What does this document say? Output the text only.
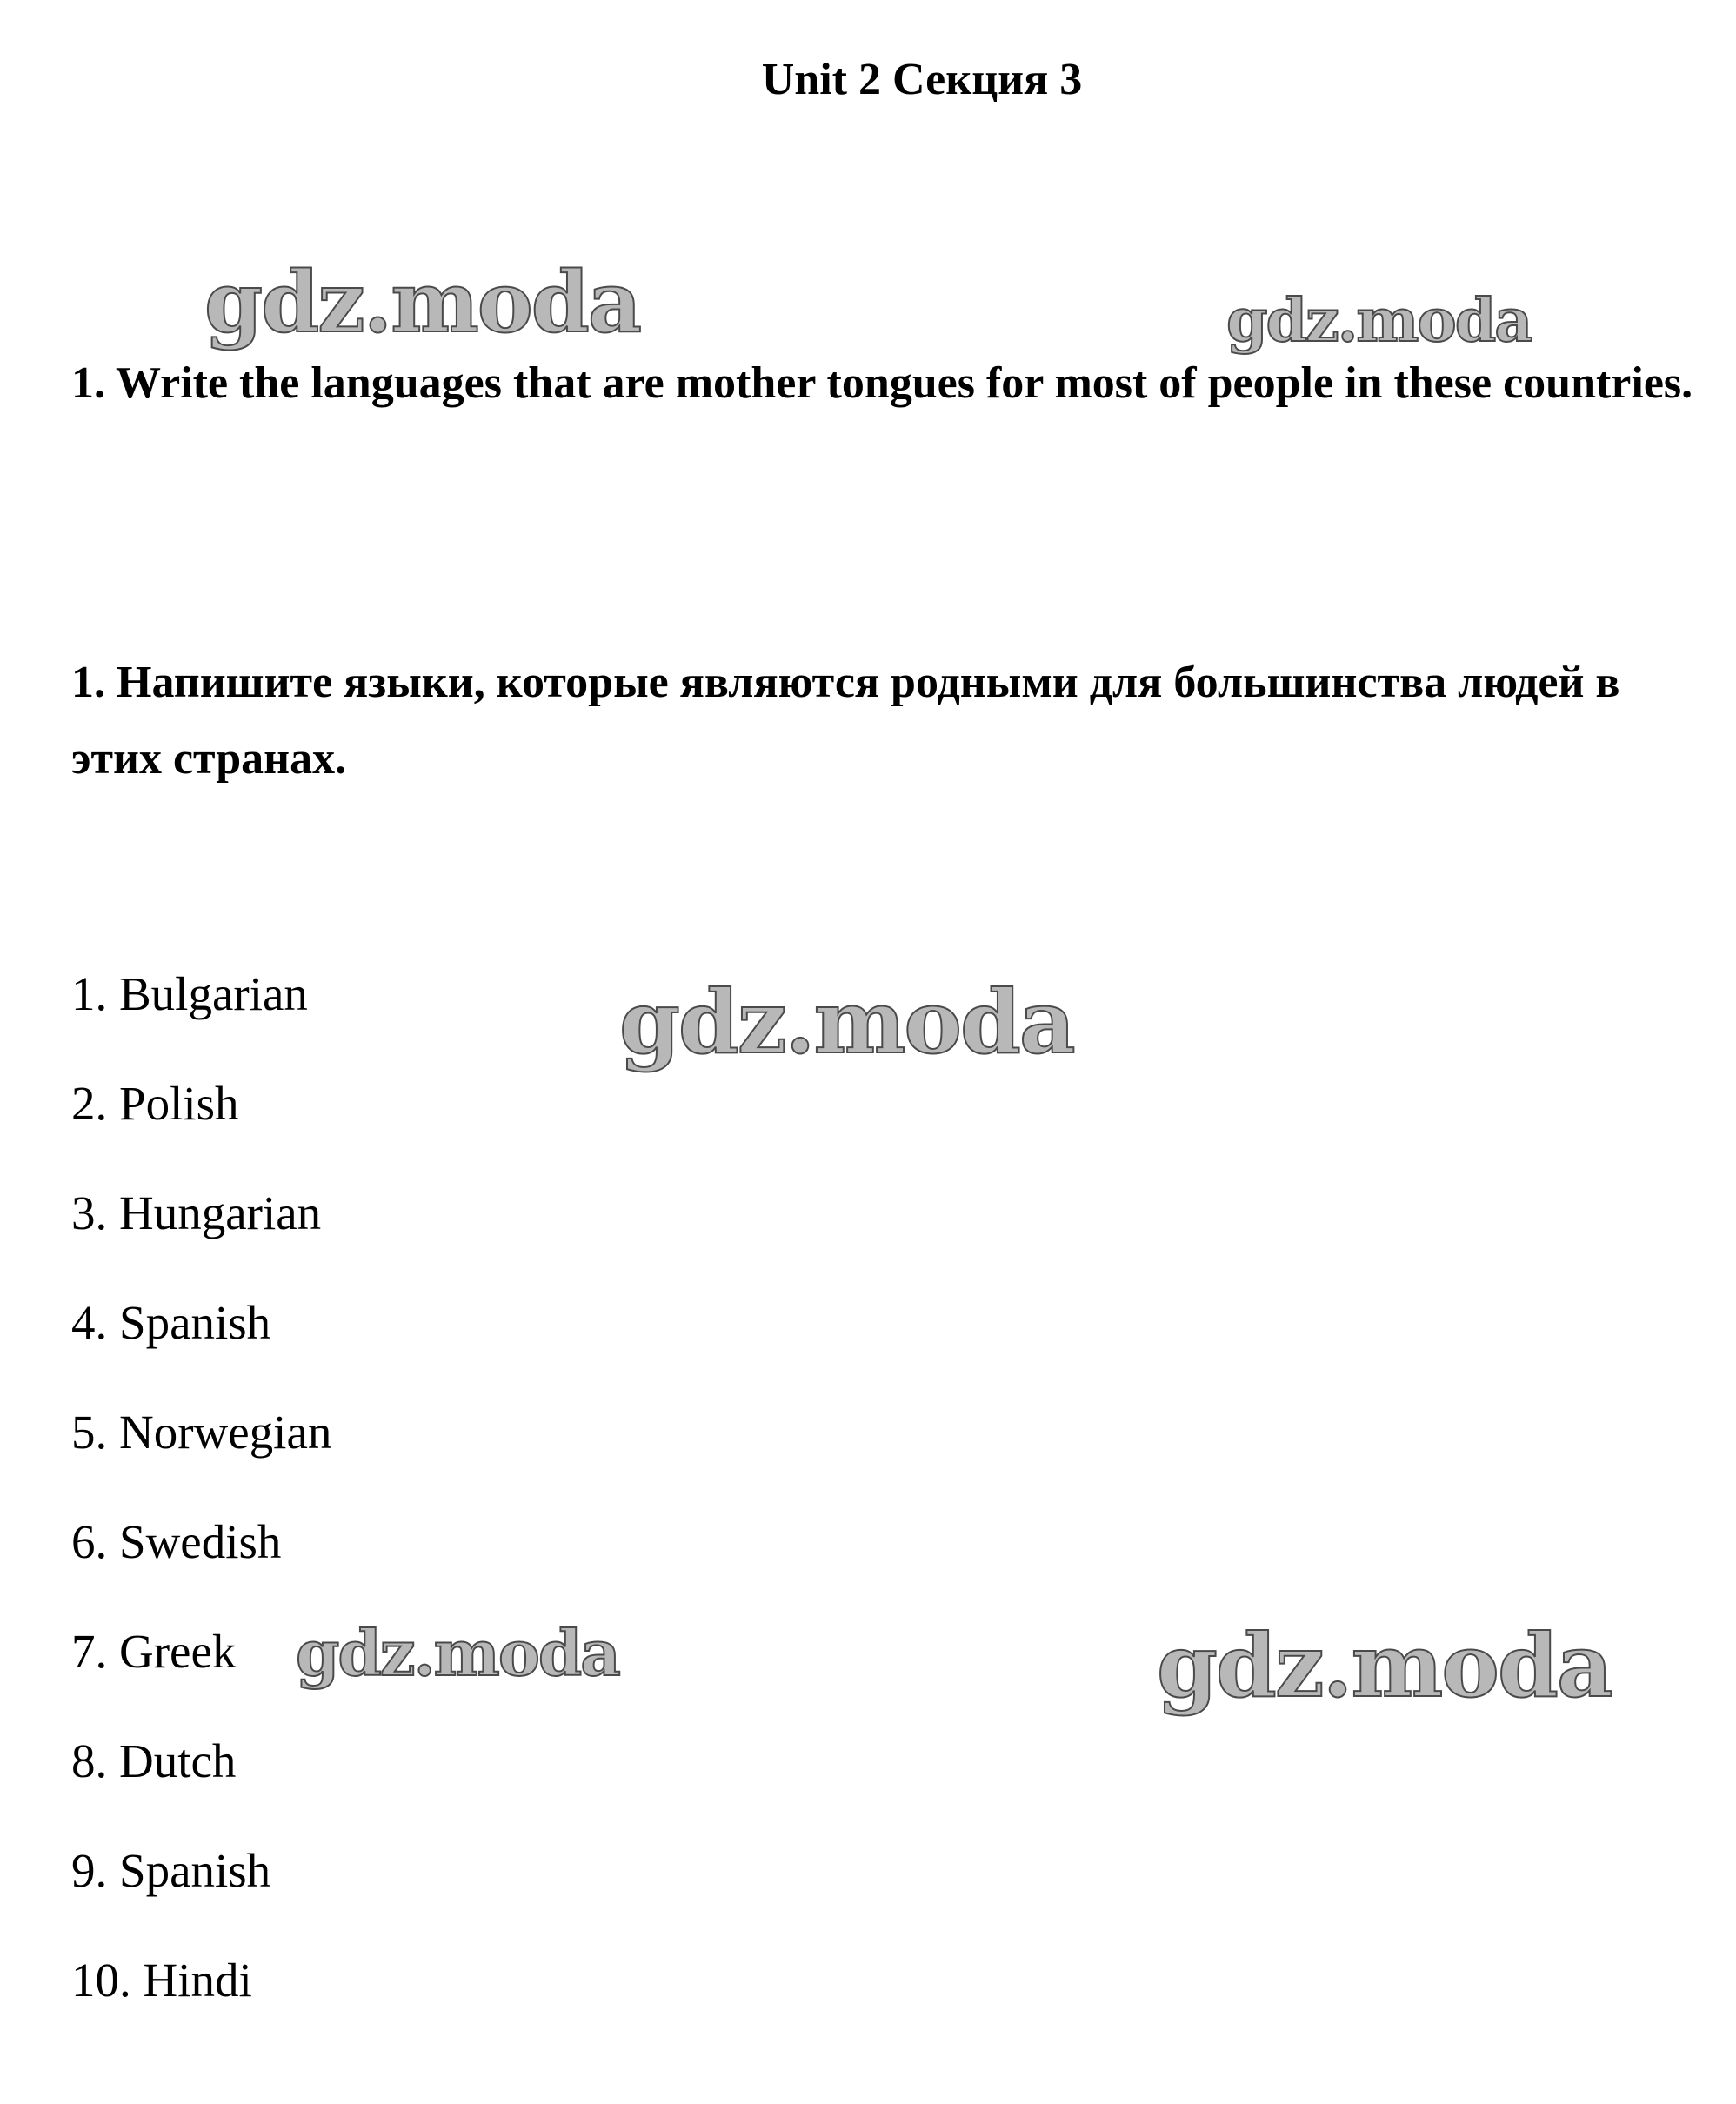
Unit 2 Секция 3
gdz.moda	gdz.moda

1. Write the languages that are mother tongues for most of people in these countries.

1. Напишите языки, которые являются родными для большинства людей в этих странах.

1. Bulgarian
2. Polish
3. Hungarian
4. Spanish
5. Norwegian
6. Swedish
7. Greek
8. Dutch
9. Spanish
10. Hindi
gdz.moda
gdz.moda	gdz.moda
